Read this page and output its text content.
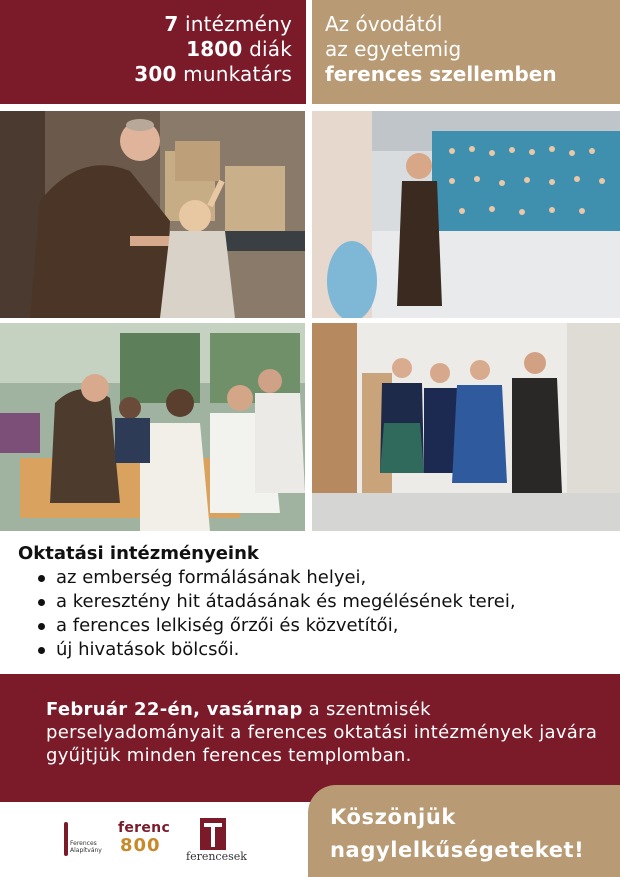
7 intézmény
1800 diák
300 munkatárs
Az óvodától
az egyetemig
ferences szellemben
Oktatási intézményeink
az emberség formálásának helyei,
a keresztény hit átadásának és megélésének terei,
a ferences lelkiség őrzői és közvetítői,
új hivatások bölcsői.
Február 22-én, vasárnap a szentmisék perselyadományait a ferences oktatási intézmények javára gyűjtjük minden ferences templomban.
Ferences Alapítvány
ferenc
800
ferencesek
Köszönjük
nagylelkűségeteket!
